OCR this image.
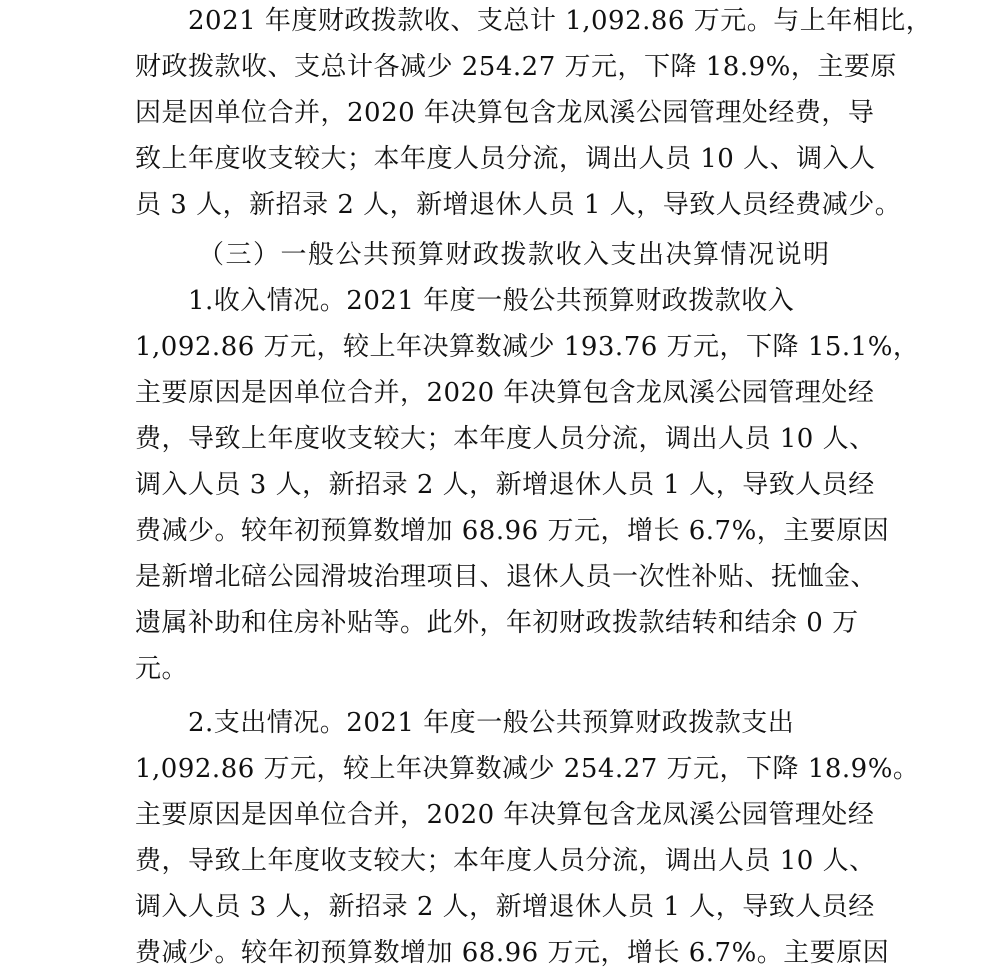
2021 年度财政拨款收、支总计 1,092.86 万元。与上年相比，
财政拨款收、支总计各减少 254.27 万元，下降 18.9%，主要原
因是因单位合并，2020 年决算包含龙凤溪公园管理处经费，导
致上年度收支较大；本年度人员分流，调出人员 10 人、调入人
员 3 人，新招录 2 人，新增退休人员 1 人，导致人员经费减少。
（三）一般公共预算财政拨款收入支出决算情况说明
1.收入情况。2021 年度一般公共预算财政拨款收入
1,092.86 万元，较上年决算数减少 193.76 万元，下降 15.1%，
主要原因是因单位合并，2020 年决算包含龙凤溪公园管理处经
费，导致上年度收支较大；本年度人员分流，调出人员 10 人、
调入人员 3 人，新招录 2 人，新增退休人员 1 人，导致人员经
费减少。较年初预算数增加 68.96 万元，增长 6.7%，主要原因
是新增北碚公园滑坡治理项目、退休人员一次性补贴、抚恤金、
遗属补助和住房补贴等。此外，年初财政拨款结转和结余 0 万
元。
2.支出情况。2021 年度一般公共预算财政拨款支出
1,092.86 万元，较上年决算数减少 254.27 万元，下降 18.9%。
主要原因是因单位合并，2020 年决算包含龙凤溪公园管理处经
费，导致上年度收支较大；本年度人员分流，调出人员 10 人、
调入人员 3 人，新招录 2 人，新增退休人员 1 人，导致人员经
费减少。较年初预算数增加 68.96 万元，增长 6.7%。主要原因
